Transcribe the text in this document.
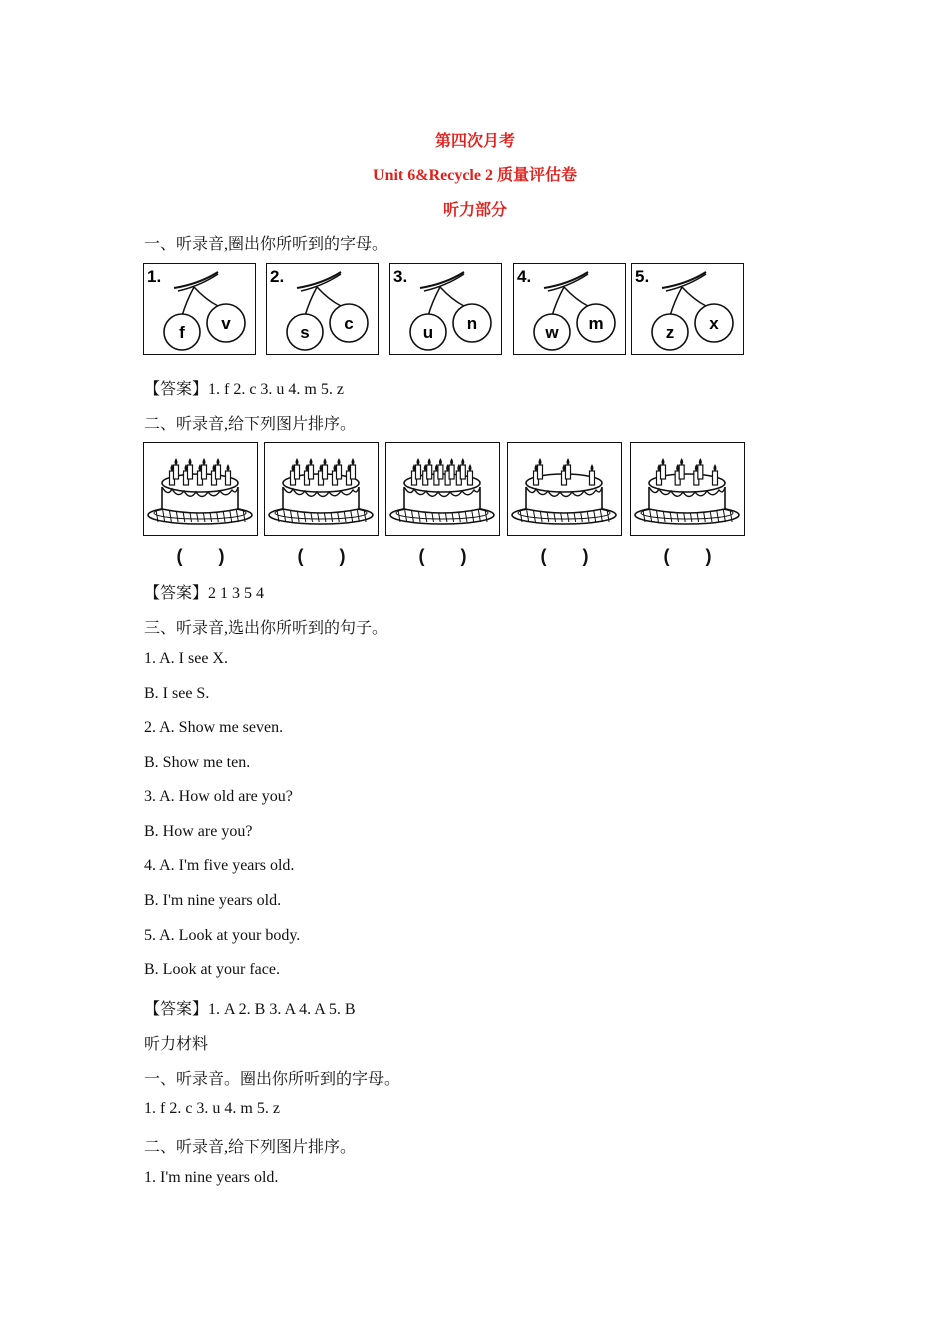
第四次月考
Unit 6&Recycle 2 质量评估卷
听力部分
一、听录音,圈出你所听到的字母。
1.
f v
2.
s c
3.
u n
4.
w m
5.
z x
【答案】1. f 2. c 3. u 4. m 5. z
二、听录音,给下列图片排序。
(　　)	(　　)	(　　)	(　　)	(　　)
【答案】2 1 3 5 4
三、听录音,选出你所听到的句子。
1. A. I see X.
B. I see S.
2. A. Show me seven.
B. Show me ten.
3. A. How old are you?
B. How are you?
4. A. I'm five years old.
B. I'm nine years old.
5. A. Look at your body.
B. Look at your face.
【答案】1. A 2. B 3. A 4. A 5. B
听力材料
一、听录音。圈出你所听到的字母。
1. f 2. c 3. u 4. m 5. z
二、听录音,给下列图片排序。
1. I'm nine years old.
